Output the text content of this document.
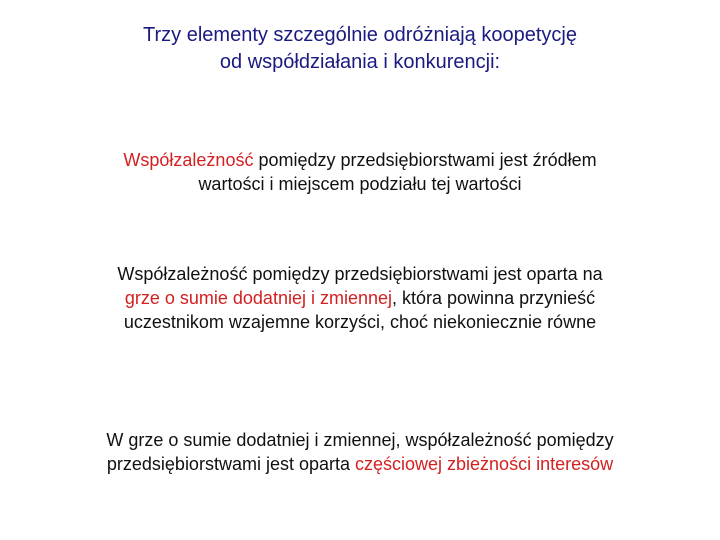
Trzy elementy szczególnie odróżniają koopetycję
od współdziałania i konkurencji:
Współzależność pomiędzy przedsiębiorstwami jest źródłem
wartości i miejscem podziału tej wartości
Współzależność pomiędzy przedsiębiorstwami jest oparta na
grze o sumie dodatniej i zmiennej, która powinna przynieść
uczestnikom wzajemne korzyści, choć niekoniecznie równe
W grze o sumie dodatniej i zmiennej, współzależność pomiędzy
przedsiębiorstwami jest oparta częściowej zbieżności interesów
